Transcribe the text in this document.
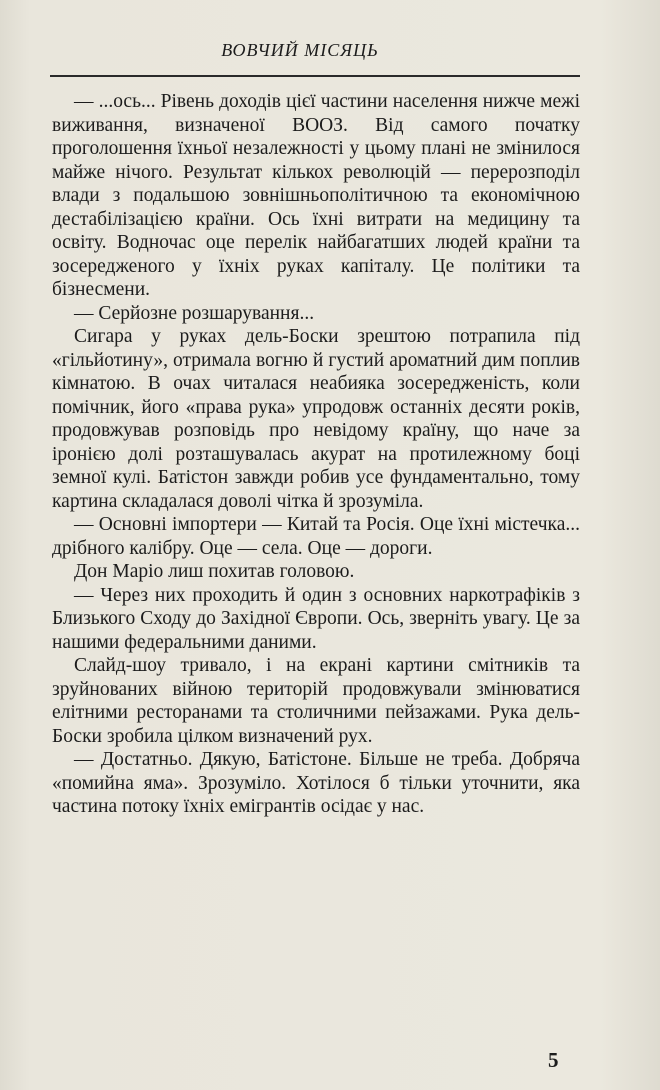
ВОВЧИЙ МІСЯЦЬ

— ...ось... Рівень доходів цієї частини населення нижче межі виживання, визначеної ВООЗ. Від самого початку проголошення їхньої незалежності у цьому плані не змінилося майже нічого. Результат кількох революцій — перерозподіл влади з подальшою зовнішньополітичною та економічною дестабілізацією країни. Ось їхні витрати на медицину та освіту. Водночас оце перелік найбагатших людей країни та зосередженого у їхніх руках капіталу. Це політики та бізнесмени.

— Серйозне розшарування...

Сигара у руках дель-Боски зрештою потрапила під «гільйотину», отримала вогню й густий ароматний дим поплив кімнатою. В очах читалася неабияка зосередженість, коли помічник, його «права рука» упродовж останніх десяти років, продовжував розповідь про невідому країну, що наче за іронією долі розташувалась акурат на протилежному боці земної кулі. Батістон завжди робив усе фундаментально, тому картина складалася доволі чітка й зрозуміла.

— Основні імпортери — Китай та Росія. Оце їхні містечка... дрібного калібру. Оце — села. Оце — дороги.

Дон Маріо лиш похитав головою.

— Через них проходить й один з основних наркотрафіків з Близького Сходу до Західної Європи. Ось, зверніть увагу. Це за нашими федеральними даними.

Слайд-шоу тривало, і на екрані картини смітників та зруйнованих війною територій продовжували змінюватися елітними ресторанами та столичними пейзажами. Рука дель-Боски зробила цілком визначений рух.

— Достатньо. Дякую, Батістоне. Більше не треба. Добряча «помийна яма». Зрозуміло. Хотілося б тільки уточнити, яка частина потоку їхніх емігрантів осідає у нас.

5
